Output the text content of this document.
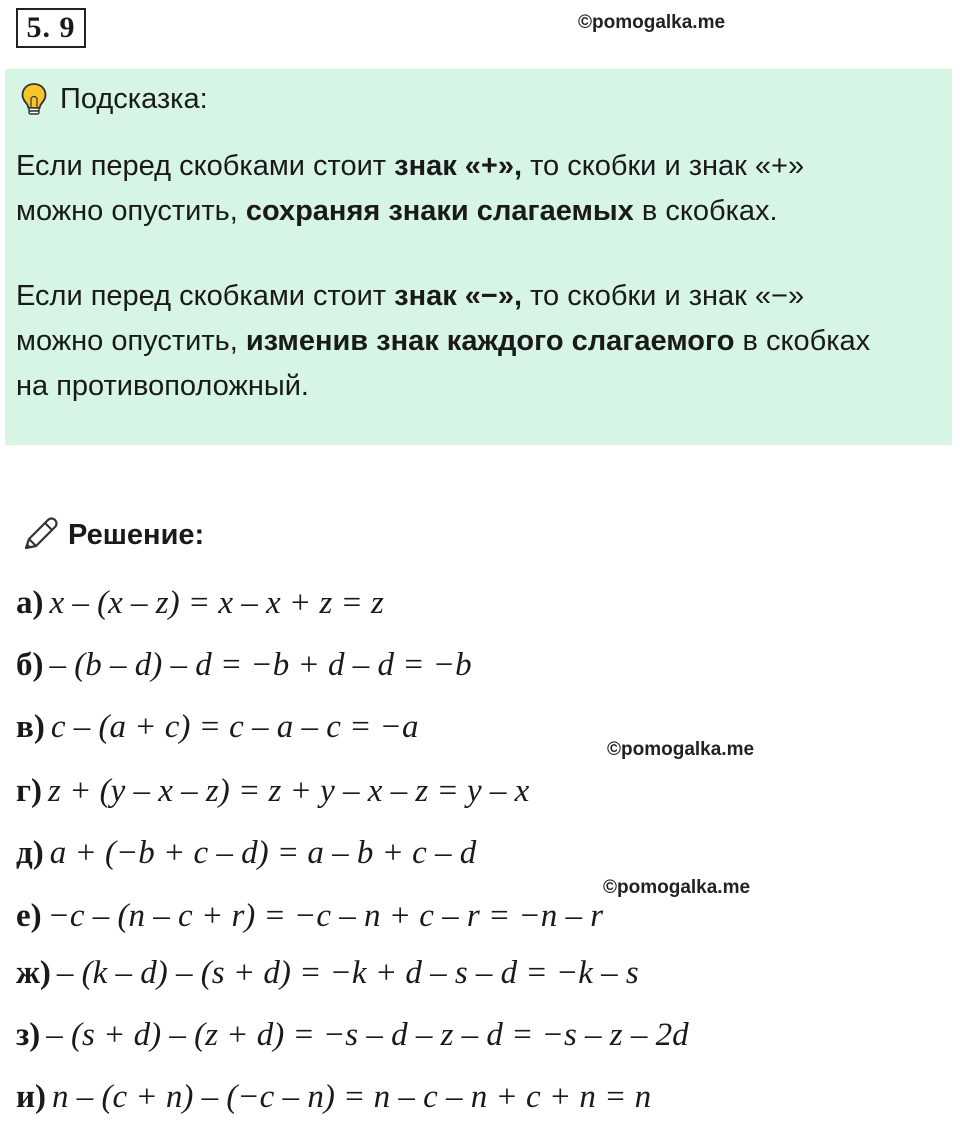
5. 9	©pomogalka.me
©pomogalka.me
©pomogalka.me
Подсказка:
Если перед скобками стоит знак «+», то скобки и знак «+»
можно опустить, сохраняя знаки слагаемых в скобках.
Если перед скобками стоит знак «−», то скобки и знак «−»
можно опустить, изменив знак каждого слагаемого в скобках
на противоположный.
Решение:
а) x – (x – z) = x – x + z = z
б) – (b – d) – d = −b + d – d = −b
в) c – (a + c) = c – a – c = −a
г) z + (y – x – z) = z + y – x – z = y – x
д) a + (−b + c – d) = a – b + c – d
е) −c – (n – c + r) = −c – n + c – r = −n – r
ж) – (k – d) – (s + d) = −k + d – s – d = −k – s
з) – (s + d) – (z + d) = −s – d – z – d = −s – z – 2d
и) n – (c + n) – (−c – n) = n – c – n + c + n = n
